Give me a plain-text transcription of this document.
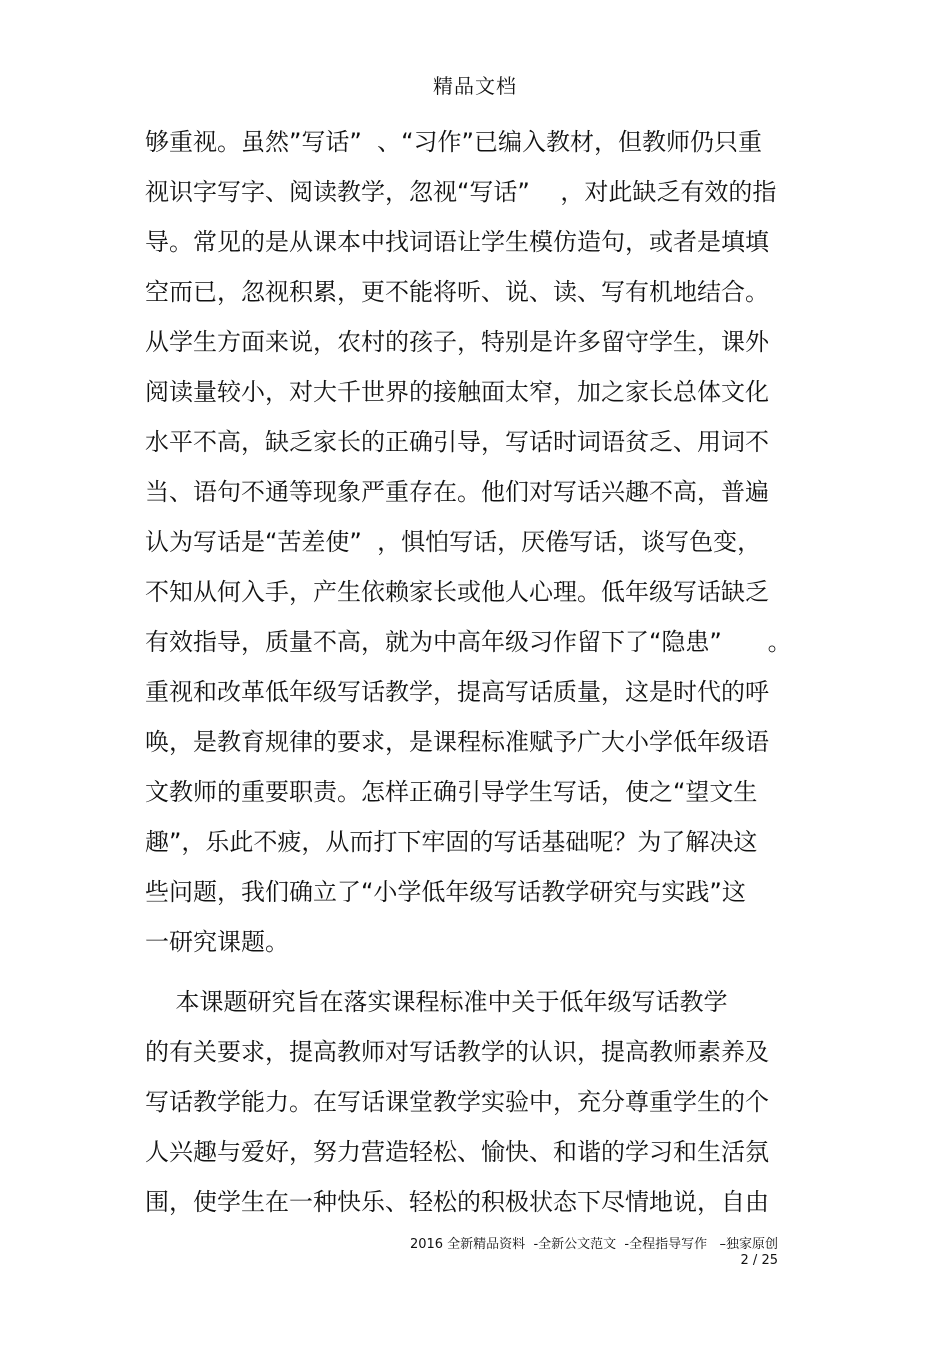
精品文档
够重视。虽然”写话”  、“习作”已编入教材，但教师仍只重
视识字写字、阅读教学，忽视“写话”    ，对此缺乏有效的指
导。常见的是从课本中找词语让学生模仿造句，或者是填填
空而已，忽视积累，更不能将听、说、读、写有机地结合。
从学生方面来说，农村的孩子，特别是许多留守学生，课外
阅读量较小，对大千世界的接触面太窄，加之家长总体文化
水平不高，缺乏家长的正确引导，写话时词语贫乏、用词不
当、语句不通等现象严重存在。他们对写话兴趣不高，普遍
认为写话是“苦差使”  ，惧怕写话，厌倦写话，谈写色变，
不知从何入手，产生依赖家长或他人心理。低年级写话缺乏
有效指导，质量不高，就为中高年级习作留下了“隐患”      。
重视和改革低年级写话教学，提高写话质量，这是时代的呼
唤，是教育规律的要求，是课程标准赋予广大小学低年级语
文教师的重要职责。怎样正确引导学生写话，使之“望文生
趣”，乐此不疲，从而打下牢固的写话基础呢？为了解决这
些问题，我们确立了“小学低年级写话教学研究与实践”这
一研究课题。
本课题研究旨在落实课程标准中关于低年级写话教学
的有关要求，提高教师对写话教学的认识，提高教师素养及
写话教学能力。在写话课堂教学实验中，充分尊重学生的个
人兴趣与爱好，努力营造轻松、愉快、和谐的学习和生活氛
围，使学生在一种快乐、轻松的积极状态下尽情地说，自由
2016 全新精品资料  -全新公文范文  -全程指导写作   –独家原创
2 / 25
